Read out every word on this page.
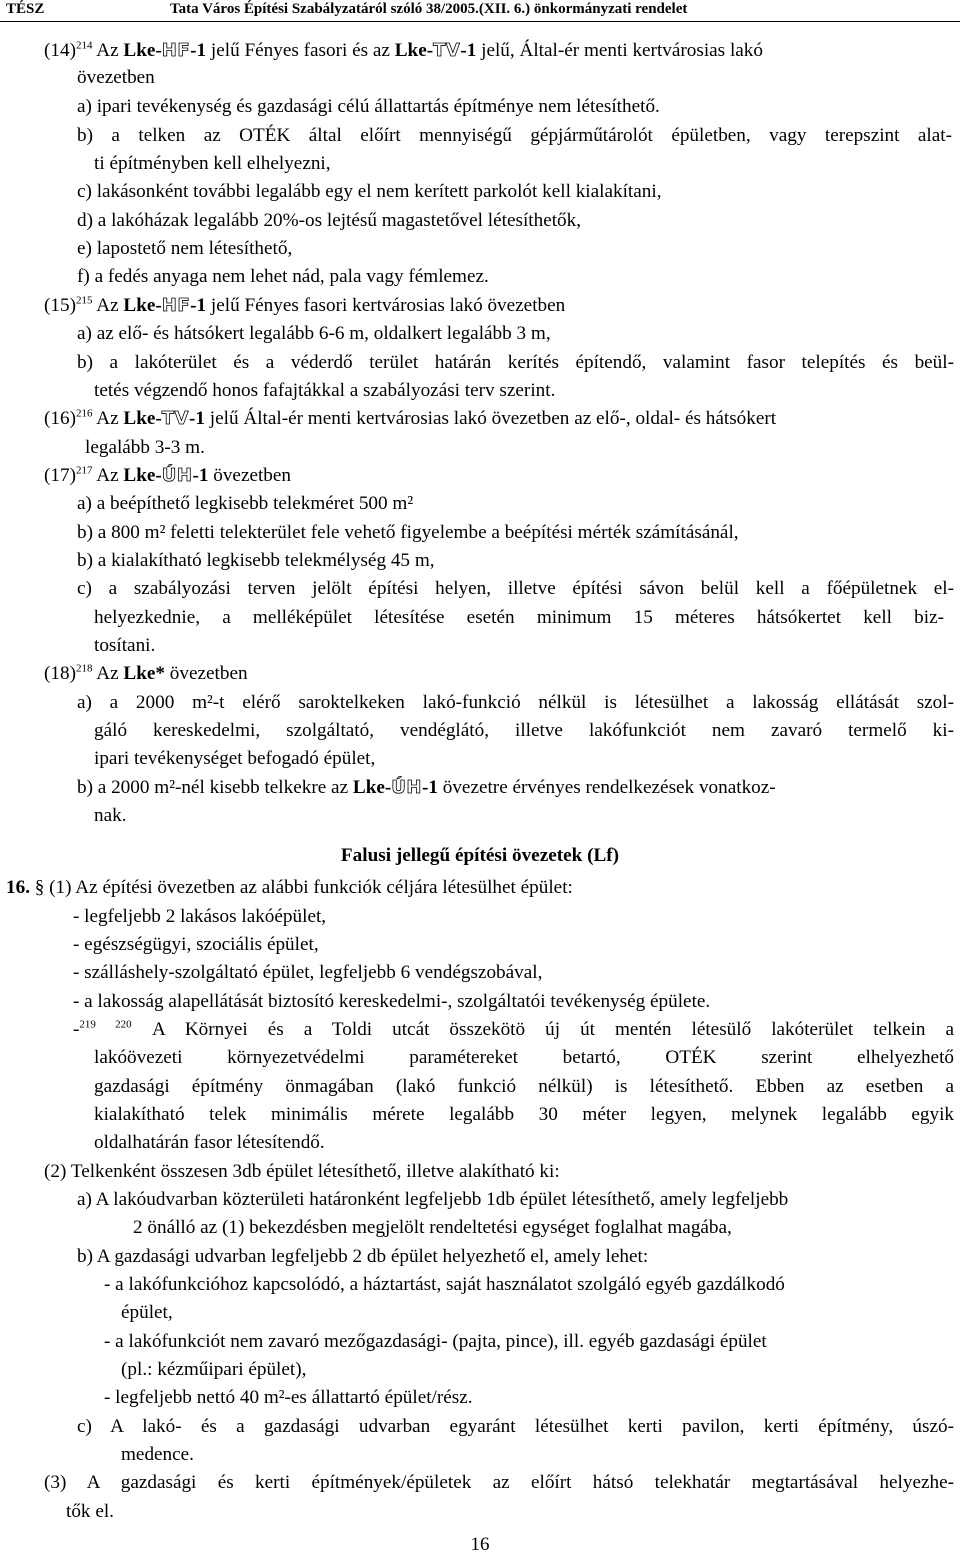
TÉSZ	Tata Város Építési Szabályzatáról szóló 38/2005.(XII. 6.) önkormányzati rendelet
$(14)^{214}$ Az Lke-HF-1 jelű Fényes fasori és az Lke-TV-1 jelű, Által-ér menti kertvárosias lakó
övezetben
a) ipari tevékenység és gazdasági célú állattartás építménye nem létesíthető.
b) a telken az OTÉK által előírt mennyiségű gépjárműtárolót épületben, vagy terepszint alat-
ti építményben kell elhelyezni,
c) lakásonként további legalább egy el nem kerített parkolót kell kialakítani,
d) a lakóházak legalább 20%-os lejtésű magastetővel létesíthetők,
e) lapostető nem létesíthető,
f) a fedés anyaga nem lehet nád, pala vagy fémlemez.
$(15)^{215}$ Az Lke-HF-1 jelű Fényes fasori kertvárosias lakó övezetben
a) az elő- és hátsókert legalább 6-6 m, oldalkert legalább 3 m,
b) a lakóterület és a véderdő terület határán kerítés építendő, valamint fasor telepítés és beül-
tetés végzendő honos fafajtákkal a szabályozási terv szerint.
$(16)^{216}$ Az Lke-TV-1 jelű Által-ér menti kertvárosias lakó övezetben az elő-, oldal- és hátsókert
legalább 3-3 m.
$(17)^{217}$ Az Lke-ÚH-1 övezetben
a) a beépíthető legkisebb telekméret 500 m²
b) a 800 m² feletti telekterület fele vehető figyelembe a beépítési mérték számításánál,
b) a kialakítható legkisebb telekmélység 45 m,
c) a szabályozási terven jelölt építési helyen, illetve építési sávon belül kell a főépületnek el-
helyezkednie, a melléképület létesítése esetén minimum 15 méteres hátsókertet kell biz-
tosítani.
$(18)^{218}$ Az Lke* övezetben
a) a 2000 m²-t elérő saroktelkeken lakó-funkció nélkül is létesülhet a lakosság ellátását szol-
gáló kereskedelmi, szolgáltató, vendéglátó, illetve lakófunkciót nem zavaró termelő ki-
ipari tevékenységet befogadó épület,
b) a 2000 m²-nél kisebb telkekre az Lke-ÚH-1 övezetre érvényes rendelkezések vonatkoz-
nak.
Falusi jellegű építési övezetek (Lf)
16. § (1) Az építési övezetben az alábbi funkciók céljára létesülhet épület:
- legfeljebb 2 lakásos lakóépület,
- egészségügyi, szociális épület,
- szálláshely-szolgáltató épület, legfeljebb 6 vendégszobával,
- a lakosság alapellátását biztosító kereskedelmi-, szolgáltatói tevékenység épülete.
-$^{219}$ $^{220}$ A Környei és a Toldi utcát összekötö új út mentén létesülő lakóterület telkein a
lakóövezeti környezetvédelmi paramétereket betartó, OTÉK szerint elhelyezhető
gazdasági építmény önmagában (lakó funkció nélkül) is létesíthető. Ebben az esetben a
kialakítható telek minimális mérete legalább 30 méter legyen, melynek legalább egyik
oldalhatárán fasor létesítendő.
(2) Telkenként összesen 3db épület létesíthető, illetve alakítható ki:
a) A lakóudvarban közterületi határonként legfeljebb 1db épület létesíthető, amely legfeljebb
2 önálló az (1) bekezdésben megjelölt rendeltetési egységet foglalhat magába,
b) A gazdasági udvarban legfeljebb 2 db épület helyezhető el, amely lehet:
- a lakófunkcióhoz kapcsolódó, a háztartást, saját használatot szolgáló egyéb gazdálkodó
épület,
- a lakófunkciót nem zavaró mezőgazdasági- (pajta, pince), ill. egyéb gazdasági épület
(pl.: kézműipari épület),
- legfeljebb nettó 40 m²-es állattartó épület/rész.
c) A lakó- és a gazdasági udvarban egyaránt létesülhet kerti pavilon, kerti építmény, úszó-
medence.
(3) A gazdasági és kerti építmények/épületek az előírt hátsó telekhatár megtartásával helyezhe-
tők el.
16
